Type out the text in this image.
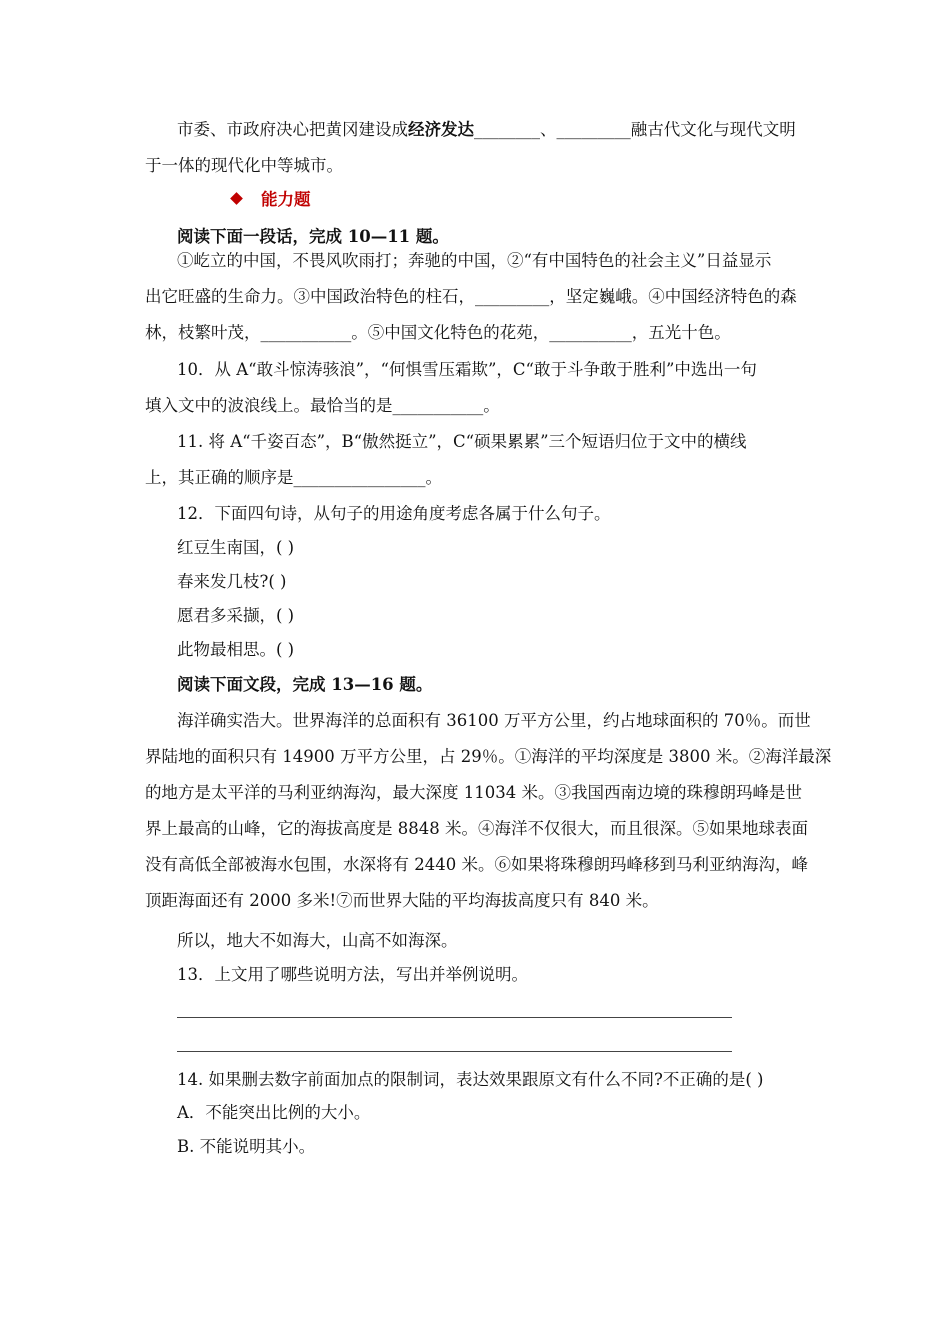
市委、市政府决心把黄冈建设成经济发达________、_________融古代文化与现代文明
于一体的现代化中等城市。
能力题
阅读下面一段话，完成 10—11 题。
①屹立的中国，不畏风吹雨打；奔驰的中国，②“有中国特色的社会主义”日益显示
出它旺盛的生命力。③中国政治特色的柱石，_________，坚定巍峨。④中国经济特色的森
林，枝繁叶茂，___________。⑤中国文化特色的花苑，__________，五光十色。
10．从 A“敢斗惊涛骇浪”，“何惧雪压霜欺”，C“敢于斗争敢于胜利”中选出一句
填入文中的波浪线上。最恰当的是___________。
11. 将 A“千姿百态”，B“傲然挺立”，C“硕果累累”三个短语归位于文中的横线
上，其正确的顺序是________________。
12．下面四句诗，从句子的用途角度考虑各属于什么句子。
红豆生南国，( )
春来发几枝?( )
愿君多采撷，( )
此物最相思。( )
阅读下面文段，完成 13—16 题。
海洋确实浩大。世界海洋的总面积有 36100 万平方公里，约占地球面积的 70％。而世
界陆地的面积只有 14900 万平方公里，占 29％。①海洋的平均深度是 3800 米。②海洋最深
的地方是太平洋的马利亚纳海沟，最大深度 11034 米。③我国西南边境的珠穆朗玛峰是世
界上最高的山峰，它的海拔高度是 8848 米。④海洋不仅很大，而且很深。⑤如果地球表面
没有高低全部被海水包围，水深将有 2440 米。⑥如果将珠穆朗玛峰移到马利亚纳海沟，峰
顶距海面还有 2000 多米!⑦而世界大陆的平均海拔高度只有 840 米。
所以，地大不如海大，山高不如海深。
13．上文用了哪些说明方法，写出并举例说明。
14. 如果删去数字前面加点的限制词，表达效果跟原文有什么不同?不正确的是( )
A．不能突出比例的大小。
B. 不能说明其小。
